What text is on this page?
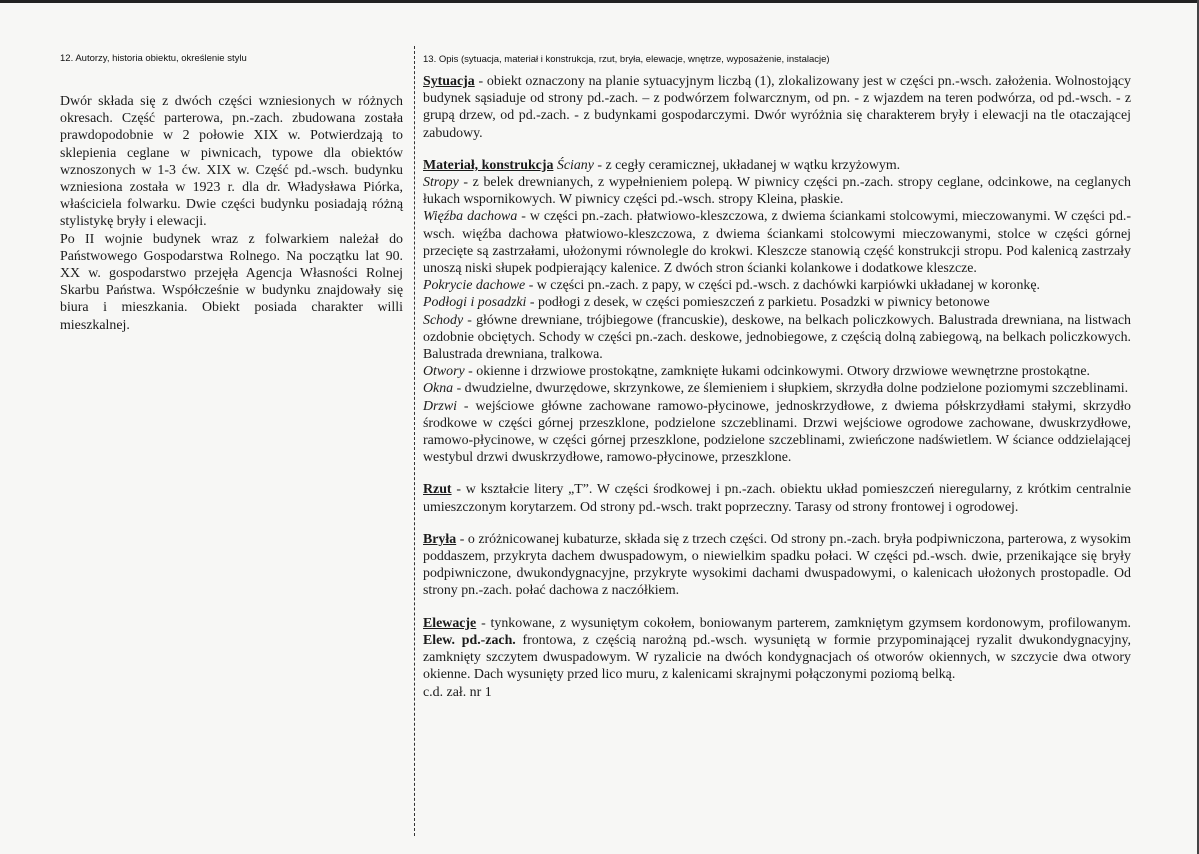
12. Autorzy, historia obiektu, określenie stylu	13. Opis (sytuacja, materiał i konstrukcja, rzut, bryła, elewacje, wnętrze, wyposażenie, instalacje)

Dwór składa się z dwóch części wzniesionych w różnych okresach. Część parterowa, pn.-zach. zbudowana została prawdopodobnie w 2 połowie XIX w. Potwierdzają to sklepienia ceglane w piwnicach, typowe dla obiektów wznoszonych w 1-3 ćw. XIX w. Część pd.-wsch. budynku wzniesiona została w 1923 r. dla dr. Władysława Piórka, właściciela folwarku. Dwie części budynku posiadają różną stylistykę bryły i elewacji.

Po II wojnie budynek wraz z folwarkiem należał do Państwowego Gospodarstwa Rolnego. Na początku lat 90. XX w. gospodarstwo przejęła Agencja Własności Rolnej Skarbu Państwa. Współcześnie w budynku znajdowały się biura i mieszkania. Obiekt posiada charakter willi mieszkalnej.

Sytuacja - obiekt oznaczony na planie sytuacyjnym liczbą (1), zlokalizowany jest w części pn.-wsch. założenia. Wolnostojący budynek sąsiaduje od strony pd.-zach. – z podwórzem folwarcznym, od pn. - z wjazdem na teren podwórza, od pd.-wsch. - z grupą drzew, od pd.-zach. - z budynkami gospodarczymi. Dwór wyróżnia się charakterem bryły i elewacji na tle otaczającej zabudowy.

Materiał, konstrukcja Ściany - z cegły ceramicznej, układanej w wątku krzyżowym.

Stropy - z belek drewnianych, z wypełnieniem polepą. W piwnicy części pn.-zach. stropy ceglane, odcinkowe, na ceglanych łukach wspornikowych. W piwnicy części pd.-wsch. stropy Kleina, płaskie.

Więźba dachowa - w części pn.-zach. płatwiowo-kleszczowa, z dwiema ściankami stolcowymi, mieczowanymi. W części pd.-wsch. więźba dachowa płatwiowo-kleszczowa, z dwiema ściankami stolcowymi mieczowanymi, stolce w części górnej przecięte są zastrzałami, ułożonymi równolegle do krokwi. Kleszcze stanowią część konstrukcji stropu. Pod kalenicą zastrzały unoszą niski słupek podpierający kalenice. Z dwóch stron ścianki kolankowe i dodatkowe kleszcze.

Pokrycie dachowe - w części pn.-zach. z papy, w części pd.-wsch. z dachówki karpiówki układanej w koronkę.

Podłogi i posadzki - podłogi z desek, w części pomieszczeń z parkietu. Posadzki w piwnicy betonowe

Schody - główne drewniane, trójbiegowe (francuskie), deskowe, na belkach policzkowych. Balustrada drewniana, na listwach ozdobnie obciętych. Schody w części pn.-zach. deskowe, jednobiegowe, z częścią dolną zabiegową, na belkach policzkowych. Balustrada drewniana, tralkowa.

Otwory - okienne i drzwiowe prostokątne, zamknięte łukami odcinkowymi. Otwory drzwiowe wewnętrzne prostokątne.

Okna - dwudzielne, dwurzędowe, skrzynkowe, ze ślemieniem i słupkiem, skrzydła dolne podzielone poziomymi szczeblinami.

Drzwi - wejściowe główne zachowane ramowo-płycinowe, jednoskrzydłowe, z dwiema półskrzydłami stałymi, skrzydło środkowe w części górnej przeszklone, podzielone szczeblinami. Drzwi wejściowe ogrodowe zachowane, dwuskrzydłowe, ramowo-płycinowe, w części górnej przeszklone, podzielone szczeblinami, zwieńczone nadświetlem. W ściance oddzielającej westybul drzwi dwuskrzydłowe, ramowo-płycinowe, przeszklone.

Rzut - w kształcie litery „T”. W części środkowej i pn.-zach. obiektu układ pomieszczeń nieregularny, z krótkim centralnie umieszczonym korytarzem. Od strony pd.-wsch. trakt poprzeczny. Tarasy od strony frontowej i ogrodowej.

Bryła - o zróżnicowanej kubaturze, składa się z trzech części. Od strony pn.-zach. bryła podpiwniczona, parterowa, z wysokim poddaszem, przykryta dachem dwuspadowym, o niewielkim spadku połaci. W części pd.-wsch. dwie, przenikające się bryły podpiwniczone, dwukondygnacyjne, przykryte wysokimi dachami dwuspadowymi, o kalenicach ułożonych prostopadle. Od strony pn.-zach. połać dachowa z naczółkiem.

Elewacje - tynkowane, z wysuniętym cokołem, boniowanym parterem, zamkniętym gzymsem kordonowym, profilowanym. Elew. pd.-zach. frontowa, z częścią narożną pd.-wsch. wysuniętą w formie przypominającej ryzalit dwukondygnacyjny, zamknięty szczytem dwuspadowym. W ryzalicie na dwóch kondygnacjach oś otworów okiennych, w szczycie dwa otwory okienne. Dach wysunięty przed lico muru, z kalenicami skrajnymi połączonymi poziomą belką.

c.d. zał. nr 1
